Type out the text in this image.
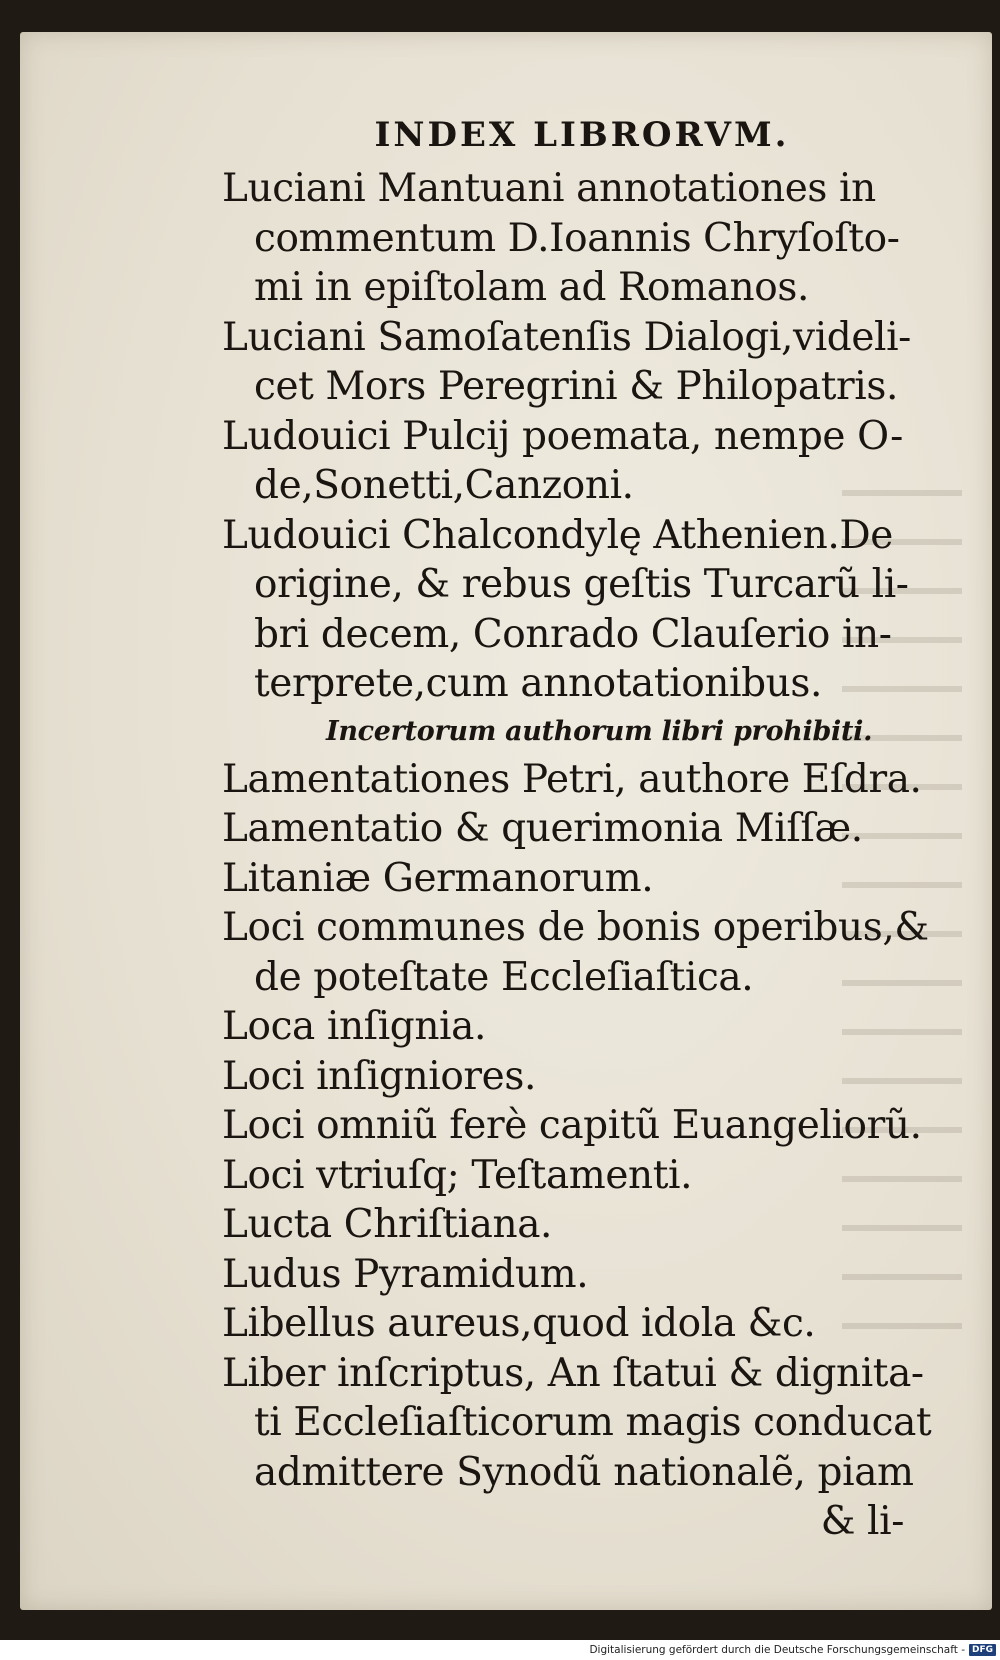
INDEX LIBRORVM.
Luciani Mantuani annotationes in
commentum D.Ioannis Chryſoſto-
mi in epiſtolam ad Romanos.
Luciani Samoſatenſis Dialogi,videli-
cet Mors Peregrini & Philopatris.
Ludouici Pulcij poemata, nempe O-
de,Sonetti,Canzoni.
Ludouici Chalcondylę Athenien.De
origine, & rebus geſtis Turcarũ li-
bri decem, Conrado Clauſerio in-
terprete,cum annotationibus.
Incertorum authorum libri prohibiti.
Lamentationes Petri, authore Eſdra.
Lamentatio & querimonia Miſſæ.
Litaniæ Germanorum.
Loci communes de bonis operibus,&
de poteſtate Eccleſiaſtica.
Loca inſignia.
Loci inſigniores.
Loci omniũ ferè capitũ Euangeliorũ.
Loci vtriuſq; Teſtamenti.
Lucta Chriſtiana.
Ludus Pyramidum.
Libellus aureus,quod idola &c.
Liber inſcriptus, An ſtatui & dignita-
ti Eccleſiaſticorum magis conducat
admittere Synodũ nationalẽ, piam
& li-
Digitalisierung gefördert durch die Deutsche Forschungsgemeinschaft - DFG
